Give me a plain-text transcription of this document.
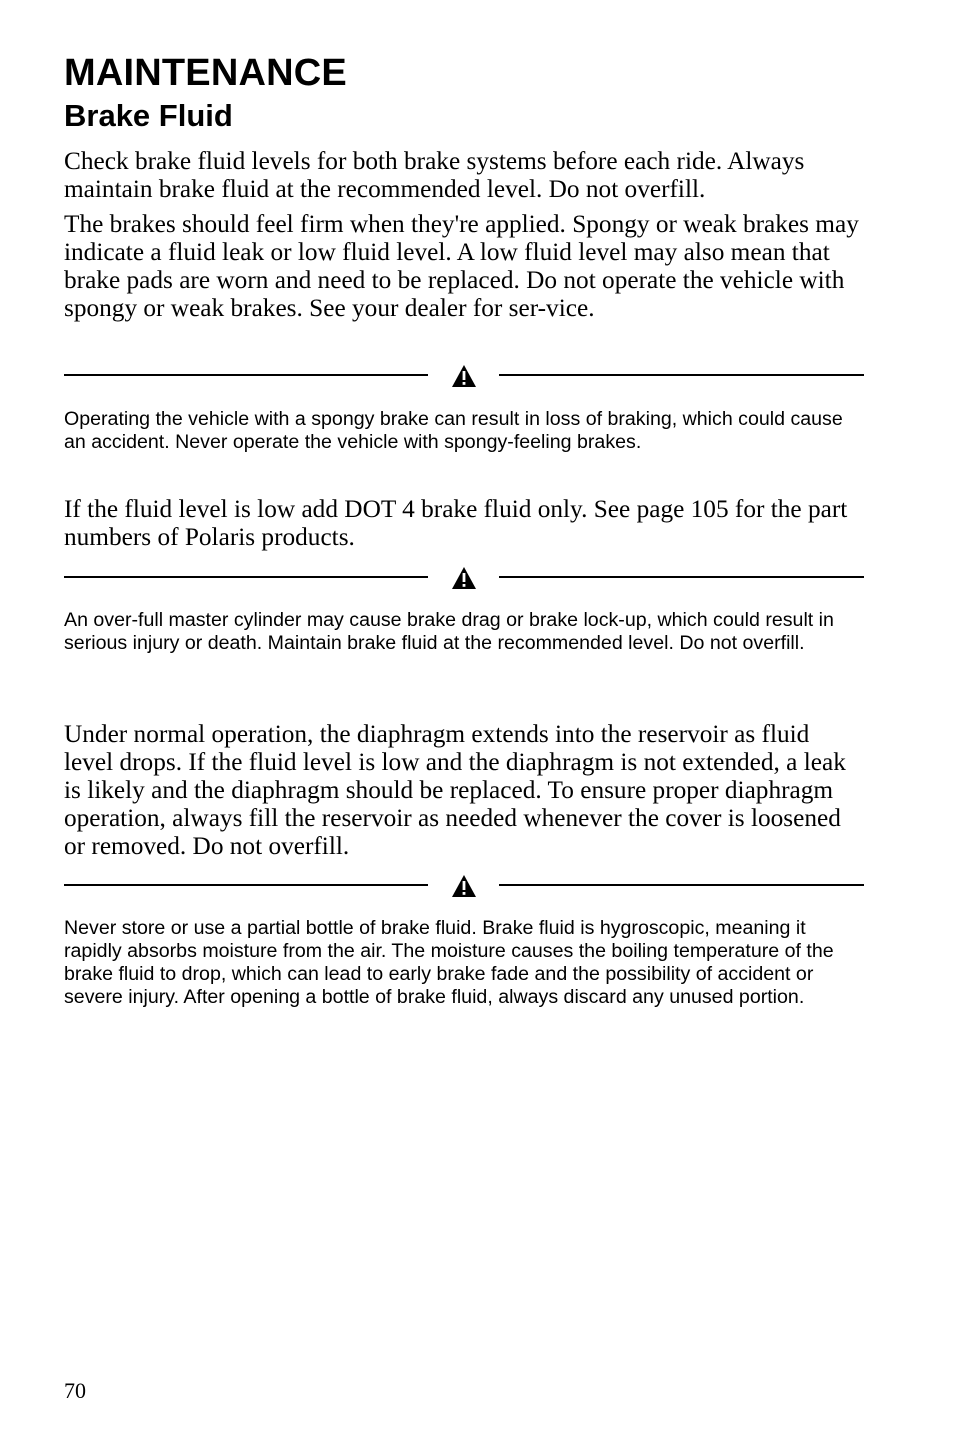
MAINTENANCE
Brake Fluid

Check brake fluid levels for both brake systems before each ride. Always maintain brake fluid at the recommended level. Do not overfill.

The brakes should feel firm when they're applied. Spongy or weak brakes may indicate a fluid leak or low fluid level. A low fluid level may also mean that brake pads are worn and need to be replaced. Do not operate the vehicle with spongy or weak brakes. See your dealer for ser-vice.

Operating the vehicle with a spongy brake can result in loss of braking, which could cause an accident. Never operate the vehicle with spongy-feeling brakes.

If the fluid level is low add DOT 4 brake fluid only. See page 105 for the part numbers of Polaris products.

An over-full master cylinder may cause brake drag or brake lock-up, which could result in serious injury or death. Maintain brake fluid at the recommended level. Do not overfill.

Under normal operation, the diaphragm extends into the reservoir as fluid level drops. If the fluid level is low and the diaphragm is not extended, a leak is likely and the diaphragm should be replaced. To ensure proper diaphragm operation, always fill the reservoir as needed whenever the cover is loosened or removed. Do not overfill.

Never store or use a partial bottle of brake fluid. Brake fluid is hygroscopic, meaning it rapidly absorbs moisture from the air. The moisture causes the boiling temperature of the brake fluid to drop, which can lead to early brake fade and the possibility of accident or severe injury. After opening a bottle of brake fluid, always discard any unused portion.

70
